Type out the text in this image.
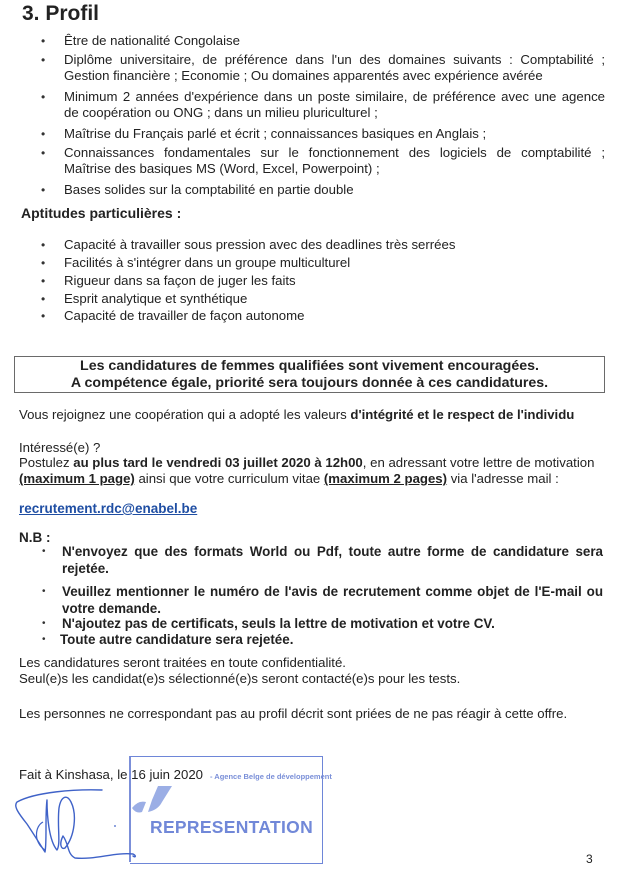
3. Profil
• Être de nationalité Congolaise
• Diplôme universitaire, de préférence dans l'un des domaines suivants : Comptabilité ;
Gestion financière ; Economie ; Ou domaines apparentés avec expérience avérée
• Minimum 2 années d'expérience dans un poste similaire, de préférence avec une agence
de coopération ou ONG ; dans un milieu pluriculturel ;
• Maîtrise du Français parlé et écrit ; connaissances basiques en Anglais ;
• Connaissances fondamentales sur le fonctionnement des logiciels de comptabilité ;
Maîtrise des basiques MS (Word, Excel, Powerpoint) ;
• Bases solides sur la comptabilité en partie double
Aptitudes particulières :
• Capacité à travailler sous pression avec des deadlines très serrées
• Facilités à s'intégrer dans un groupe multiculturel
• Rigueur dans sa façon de juger les faits
• Esprit analytique et synthétique
• Capacité de travailler de façon autonome
Les candidatures de femmes qualifiées sont vivement encouragées.
A compétence égale, priorité sera toujours donnée à ces candidatures.
Vous rejoignez une coopération qui a adopté les valeurs d'intégrité et le respect de l'individu
Intéressé(e) ?
Postulez au plus tard le vendredi 03 juillet 2020 à 12h00, en adressant votre lettre de motivation
(maximum 1 page) ainsi que votre curriculum vitae (maximum 2 pages) via l'adresse mail :
recrutement.rdc@enabel.be
N.B :
• N'envoyez que des formats World ou Pdf, toute autre forme de candidature sera
rejetée.
• Veuillez mentionner le numéro de l'avis de recrutement comme objet de l'E-mail ou
votre demande.
• N'ajoutez pas de certificats, seuls la lettre de motivation et votre CV.
• Toute autre candidature sera rejetée.
Les candidatures seront traitées en toute confidentialité.
Seul(e)s les candidat(e)s sélectionné(e)s seront contacté(e)s pour les tests.
Les personnes ne correspondant pas au profil décrit sont priées de ne pas réagir à cette offre.
- Agence Belge de développement
REPRESENTATION
Fait à Kinshasa, le 16 juin 2020
3
